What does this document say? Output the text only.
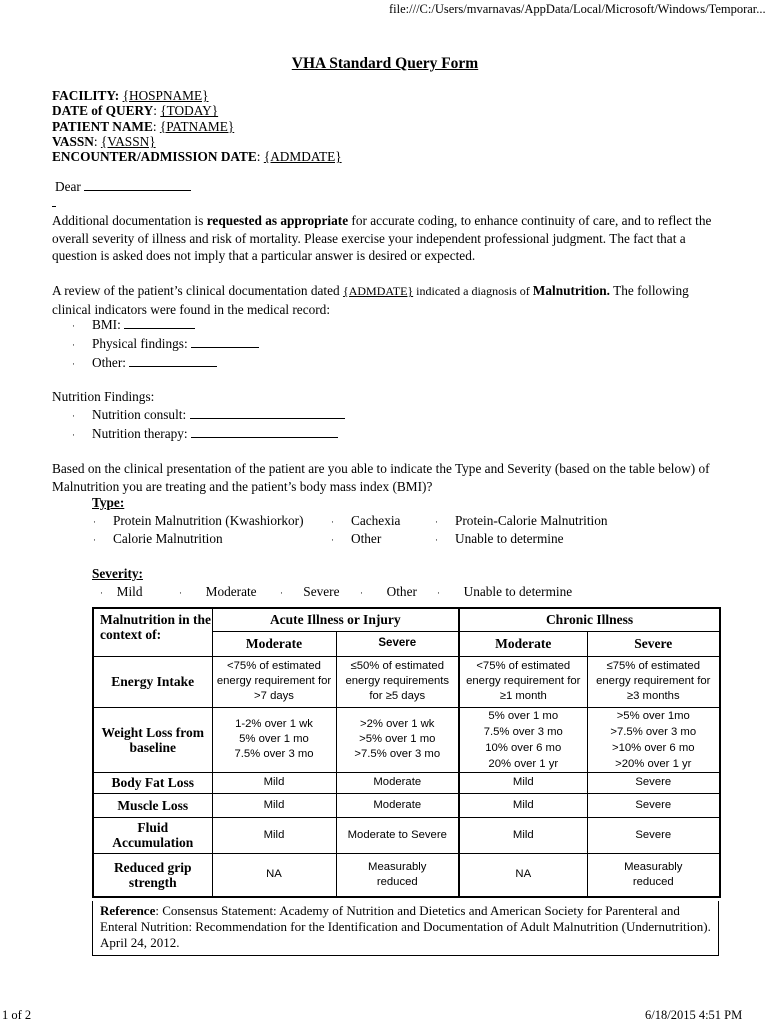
file:///C:/Users/mvarnavas/AppData/Local/Microsoft/Windows/Temporar...
1 of 2	6/18/2015 4:51 PM
VHA Standard Query Form
FACILITY: {HOSPNAME}
DATE of QUERY: {TODAY}
PATIENT NAME: {PATNAME}
VASSN: {VASSN}
ENCOUNTER/ADMISSION DATE: {ADMDATE}
Dear
Additional documentation is requested as appropriate for accurate coding, to enhance continuity of care, and to reflect the overall severity of illness and risk of mortality. Please exercise your independent professional judgment. The fact that a question is asked does not imply that a particular answer is desired or expected.
A review of the patient’s clinical documentation dated {ADMDATE} indicated a diagnosis of Malnutrition. The following clinical indicators were found in the medical record:
· BMI:
· Physical findings:
· Other:
Nutrition Findings:
· Nutrition consult:
· Nutrition therapy:
Based on the clinical presentation of the patient are you able to indicate the Type and Severity (based on the table below) of Malnutrition you are treating and the patient’s body mass index (BMI)?
Type:
· Protein Malnutrition (Kwashiorkor)	· Cachexia	· Protein-Calorie Malnutrition
· Calorie Malnutrition	· Other	· Unable to determine
Severity:
· Mild	· Moderate	· Severe · Other · Unable to determine
Malnutrition in the context of:	Acute Illness or Injury		Chronic Illness	
	Moderate	Severe	Moderate	Severe
Energy Intake	<75% of estimated energy requirement for >7 days	≤50% of estimated energy requirements for ≥5 days	<75% of estimated energy requirement for ≥1 month	≤75% of estimated energy requirement for ≥3 months
Weight Loss from baseline	1-2% over 1 wk
5% over 1 mo
7.5% over 3 mo	>2% over 1 wk
>5% over 1 mo
>7.5% over 3 mo	5% over 1 mo
7.5% over 3 mo
10% over 6 mo
20% over 1 yr	>5% over 1mo
>7.5% over 3 mo
>10% over 6 mo
>20% over 1 yr
Body Fat Loss	Mild	Moderate	Mild	Severe
Muscle Loss	Mild	Moderate	Mild	Severe
Fluid Accumulation	Mild	Moderate to Severe	Mild	Severe
Reduced grip strength	NA	Measurably reduced	NA	Measurably reduced
Reference: Consensus Statement: Academy of Nutrition and Dietetics and American Society for Parenteral and Enteral Nutrition: Recommendation for the Identification and Documentation of Adult Malnutrition (Undernutrition). April 24, 2012.
